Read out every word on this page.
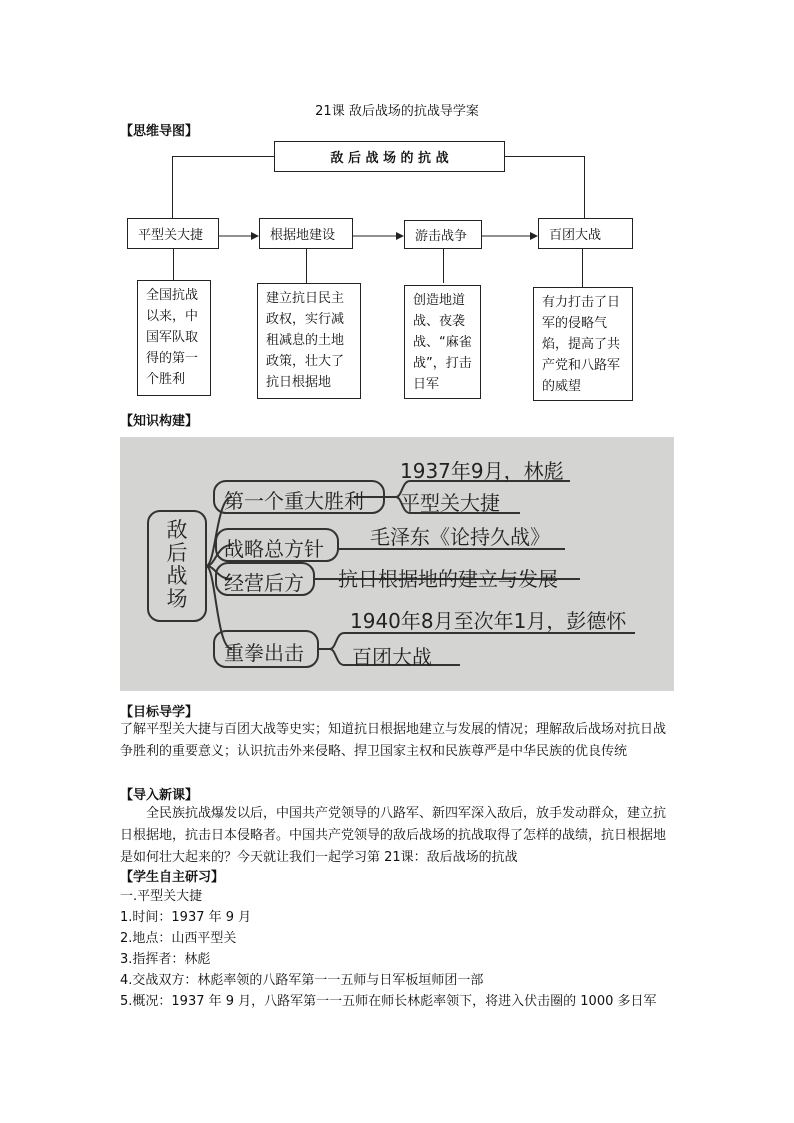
21课 敌后战场的抗战导学案
【思维导图】
敌 后 战 场 的 抗 战
平型关大捷	根据地建设	游击战争	百团大战
全国抗战以来，中国军队取得的第一个胜利
建立抗日民主政权，实行减租减息的土地政策，壮大了抗日根据地
创造地道战、夜袭战、“麻雀战”，打击日军
有力打击了日军的侵略气焰，提高了共产党和八路军的威望
【知识构建】
敌后战场
第一个重大胜利
1937年9月，林彪
平型关大捷
战略总方针 毛泽东《论持久战》
经营后方 抗日根据地的建立与发展
重拳出击
1940年8月至次年1月，彭德怀
百团大战
【目标导学】
了解平型关大捷与百团大战等史实；知道抗日根据地建立与发展的情况；理解敌后战场对抗日战争胜利的重要意义；认识抗击外来侵略、捍卫国家主权和民族尊严是中华民族的优良传统
【导入新课】
全民族抗战爆发以后，中国共产党领导的八路军、新四军深入敌后，放手发动群众，建立抗日根据地，抗击日本侵略者。中国共产党领导的敌后战场的抗战取得了怎样的战绩，抗日根据地是如何壮大起来的？今天就让我们一起学习第 21课：敌后战场的抗战
【学生自主研习】
一.平型关大捷
1.时间：1937 年 9 月
2.地点：山西平型关
3.指挥者：林彪
4.交战双方：林彪率领的八路军第一一五师与日军板垣师团一部
5.概况：1937 年 9 月，八路军第一一五师在师长林彪率领下，将进入伏击圈的 1000 多日军
